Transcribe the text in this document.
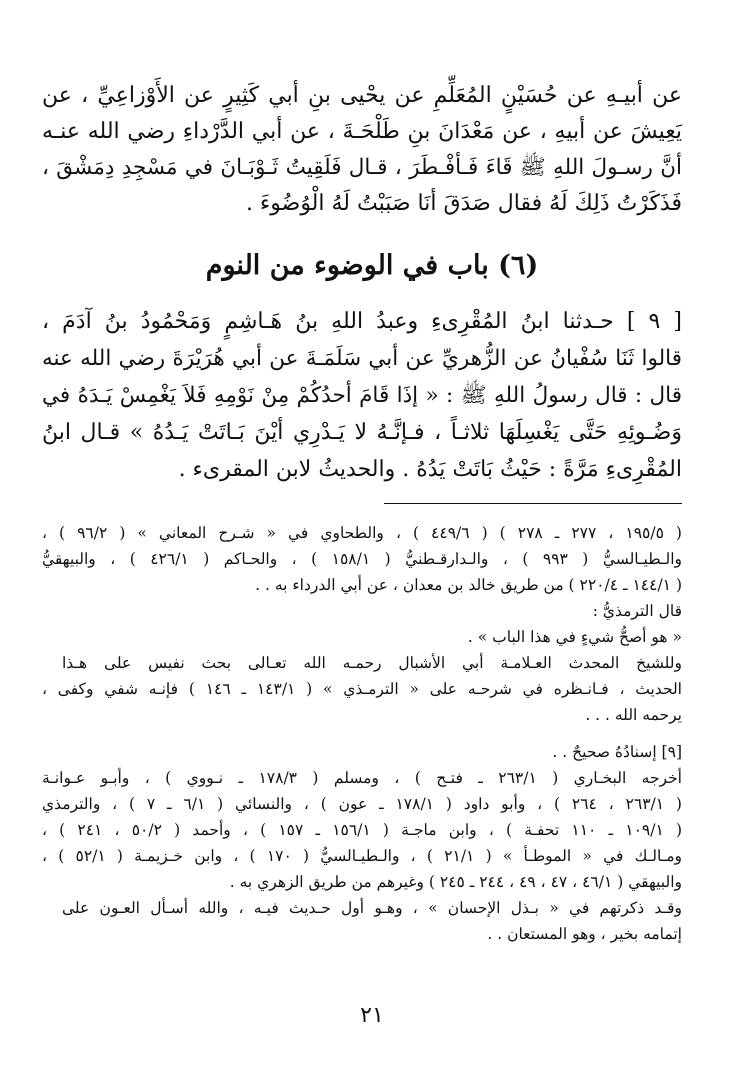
عن أبيـهِ عن حُسَيْنٍ المُعَلِّمِ عن يحْيى بنِ أبي كَثِيرٍ عن الأَوْزاعِيِّ ، عن
يَعِيشَ عن أبيهِ ، عن مَعْدَانَ بنِ طَلْحَـةَ ، عن أبي الدَّرْداءِ رضي الله عنـه
أنَّ رسـولَ اللهِ ﷺ قَاءَ فَـأفْـطَرَ ، قـال فَلَقِيتُ ثَـوْبَـانَ في مَسْجِدِ دِمَشْقَ ،
فَذَكَرْتُ ذَلِكَ لَهُ فقال صَدَقَ أنَا صَبَبْتُ لَهُ الْوُضُوءَ .
(٦) باب في الوضوء من النوم
[ ٩ ] حـدثنا ابنُ المُقْرِىءِ وعبدُ اللهِ بنُ هَـاشِمٍ وَمَحْمُودُ بنُ آدَمَ ،
قالوا ثَنَا سُفْيانُ عن الزُّهريِّ عن أبي سَلَمَـةَ عن أبي هُرَيْرَةَ رضي الله عنه
قال : قال رسولُ اللهِ ﷺ : « إذَا قَامَ أحدُكُمْ مِنْ نَوْمِهِ فَلاَ يَغْمِسْ يَـدَهُ في
وَضُـوئِهِ حَتَّى يَغْسِلَهَا ثلاثـاً ، فـإنَّـهُ لا يَـدْرِي أيْنَ بَـاتَتْ يَـدُهُ » قـال ابنُ
المُقْرِىءِ مَرَّةً : حَيْثُ بَاتَتْ يَدُهُ . والحديثُ لابن المقرىء .
( ١٩٥/٥ ، ٢٧٧ ـ ٢٧٨ ) ( ٤٤٩/٦ ) ، والطحاوي في « شـرح المعاني » ( ٩٦/٢ ) ،
والـطيـالسيُّ ( ٩٩٣ ) ، والـدارقـطنيُّ ( ١٥٨/١ ) ، والحـاكم ( ٤٢٦/١ ) ، والبيهقيُّ
( ١٤٤/١ ـ ٢٢٠/٤ ) من طريق خالد بن معدان ، عن أبي الدرداء به . .
قال الترمذيُّ :
« هو أصحُّ شيءٍ في هذا الباب » .
وللشيخ المحدث العـلامـة أبي الأشبال رحمـه الله تعـالى بحث نفيس على هـذا
الحديث ، فـانـظره في شرحـه على « الترمـذي » ( ١٤٣/١ ـ ١٤٦ ) فإنـه شفي وكفى ،
يرحمه الله . . .
[٩] إسنادُهُ صحيحٌ . .
أخرجه البخـاري ( ٢٦٣/١ ـ فتـح ) ، ومسلم ( ١٧٨/٣ ـ نـووي ) ، وأبـو عـوانـة
( ٢٦٣/١ ، ٢٦٤ ) ، وأبو داود ( ١٧٨/١ ـ عون ) ، والنسائي ( ٦/١ ـ ٧ ) ، والترمذي
( ١٠٩/١ ـ ١١٠ تحفـة ) ، وابن ماجـة ( ١٥٦/١ ـ ١٥٧ ) ، وأحمد ( ٥٠/٢ ، ٢٤١ ) ،
ومـالـك في « الموطـأ » ( ٢١/١ ) ، والـطيـالسيُّ ( ١٧٠ ) ، وابن خـزيمـة ( ٥٢/١ ) ،
والبيهقي ( ٤٦/١ ، ٤٧ ، ٤٩ ، ٢٤٤ ـ ٢٤٥ ) وغيرهم من طريق الزهري به .
وقـد ذكرتهم في « بـذل الإحسان » ، وهـو أول حـديث فيـه ، والله أسـأل العـون على
إتمامه بخير ، وهو المستعان . .
٢١
